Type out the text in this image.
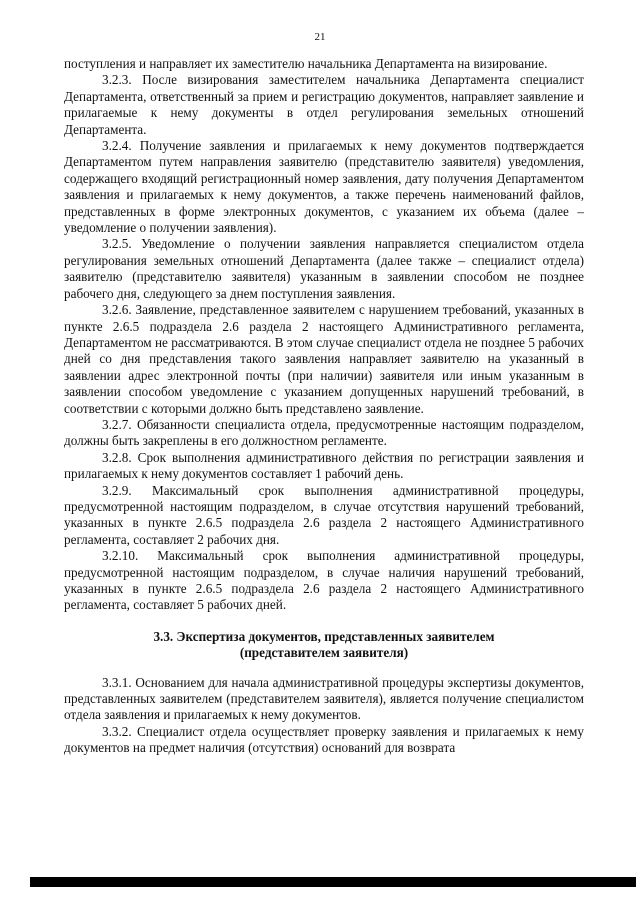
21

поступления и направляет их заместителю начальника Департамента на визирование.

3.2.3. После визирования заместителем начальника Департамента специалист Департамента, ответственный за прием и регистрацию документов, направляет заявление и прилагаемые к нему документы в отдел регулирования земельных отношений Департамента.

3.2.4. Получение заявления и прилагаемых к нему документов подтверждается Департаментом путем направления заявителю (представителю заявителя) уведомления, содержащего входящий регистрационный номер заявления, дату получения Департаментом заявления и прилагаемых к нему документов, а также перечень наименований файлов, представленных в форме электронных документов, с указанием их объема (далее – уведомление о получении заявления).

3.2.5. Уведомление о получении заявления направляется специалистом отдела регулирования земельных отношений Департамента (далее также – специалист отдела) заявителю (представителю заявителя) указанным в заявлении способом не позднее рабочего дня, следующего за днем поступления заявления.

3.2.6. Заявление, представленное заявителем с нарушением требований, указанных в пункте 2.6.5 подраздела 2.6 раздела 2 настоящего Административного регламента, Департаментом не рассматриваются. В этом случае специалист отдела не позднее 5 рабочих дней со дня представления такого заявления направляет заявителю на указанный в заявлении адрес электронной почты (при наличии) заявителя или иным указанным в заявлении способом уведомление с указанием допущенных нарушений требований, в соответствии с которыми должно быть представлено заявление.

3.2.7. Обязанности специалиста отдела, предусмотренные настоящим подразделом, должны быть закреплены в его должностном регламенте.

3.2.8. Срок выполнения административного действия по регистрации заявления и прилагаемых к нему документов составляет 1 рабочий день.

3.2.9. Максимальный срок выполнения административной процедуры, предусмотренной настоящим подразделом, в случае отсутствия нарушений требований, указанных в пункте 2.6.5 подраздела 2.6 раздела 2 настоящего Административного регламента, составляет 2 рабочих дня.

3.2.10. Максимальный срок выполнения административной процедуры, предусмотренной настоящим подразделом, в случае наличия нарушений требований, указанных в пункте 2.6.5 подраздела 2.6 раздела 2 настоящего Административного регламента, составляет 5 рабочих дней.

3.3. Экспертиза документов, представленных заявителем
(представителем заявителя)

3.3.1. Основанием для начала административной процедуры экспертизы документов, представленных заявителем (представителем заявителя), является получение специалистом отдела заявления и прилагаемых к нему документов.

3.3.2. Специалист отдела осуществляет проверку заявления и прилагаемых к нему документов на предмет наличия (отсутствия) оснований для возврата
